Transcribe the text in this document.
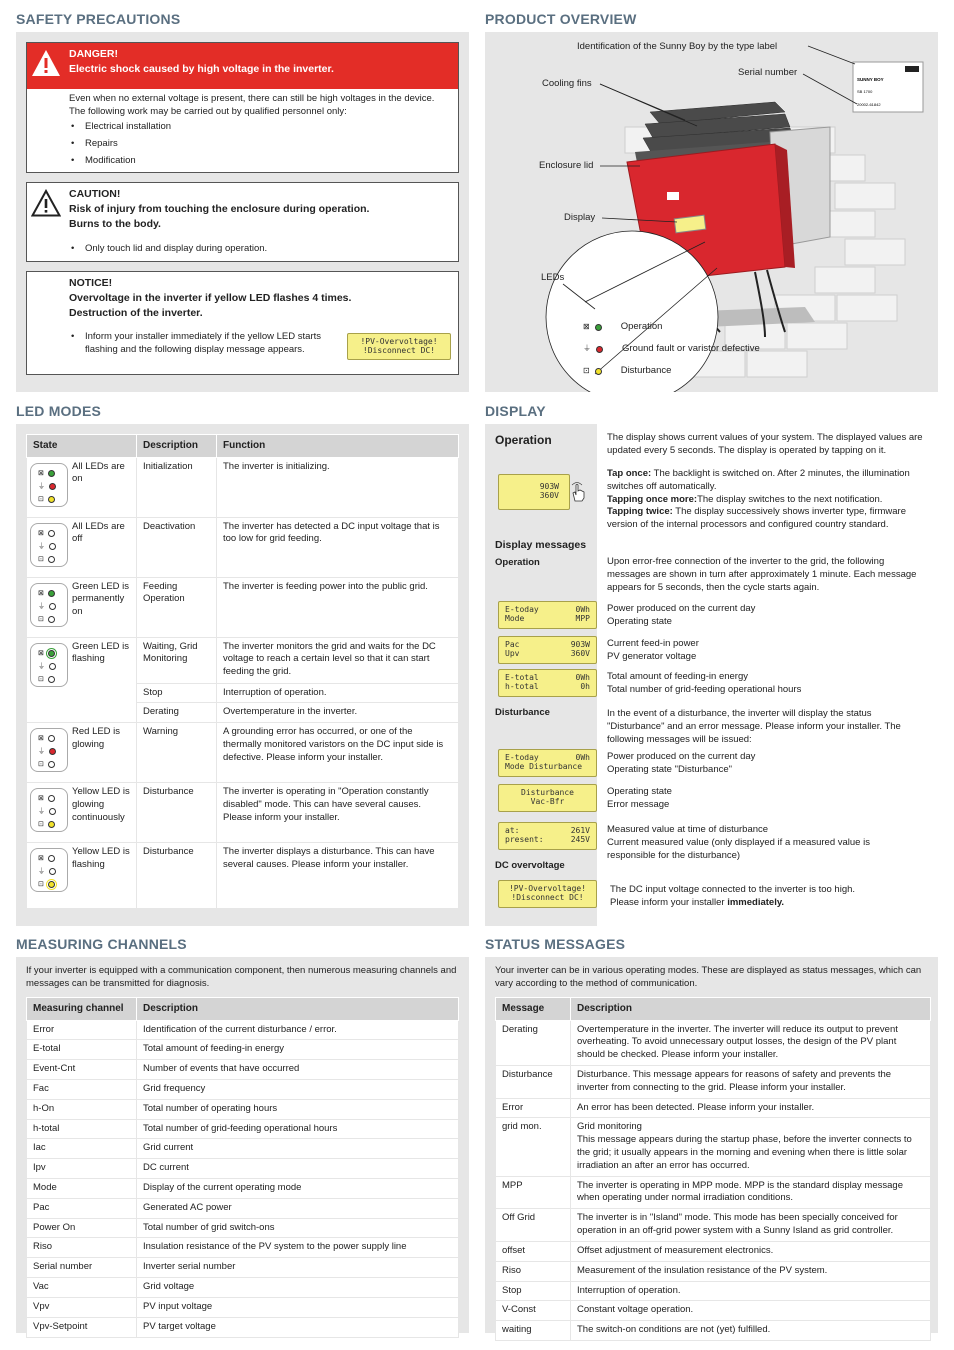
SAFETY PRECAUTIONS
DANGER!
Electric shock caused by high voltage in the inverter.
Even when no external voltage is present, there can still be high voltages in the device. The following work may be carried out by qualified personnel only:
• Electrical installation
• Repairs
• Modification
CAUTION!
Risk of injury from touching the enclosure during operation.
Burns to the body.
• Only touch lid and display during operation.
NOTICE!
Overvoltage in the inverter if yellow LED flashes 4 times.
Destruction of the inverter.
• Inform your installer immediately if the yellow LED starts flashing and the following display message appears.
!PV-Overvoltage!
!Disconnect DC!
PRODUCT OVERVIEW
SUNNY BOY
SB 1700
20002-61842
Identification of the Sunny Boy by the type label
Serial number
Cooling fins
Enclosure lid
Display
LEDs
⊠	Operation
⏚	Ground fault or varistor defective
⊡	Disturbance
LED MODES
State	Description	Function

⊠
⏚
⊡
All LEDs are on	Initialization	The inverter is initializing.

⊠
⏚
⊡
All LEDs are off	Deactivation	The inverter has detected a DC input voltage that is too low for grid feeding.

⊠
⏚
⊡
Green LED is permanently on	Feeding Operation	The inverter is feeding power into the public grid.

⊠
⏚
⊡
Green LED is flashing	Waiting, Grid Monitoring	The inverter monitors the grid and waits for the DC voltage to reach a certain level so that it can start feeding the grid.
	Stop	Interruption of operation.
	Derating	Overtemperature in the inverter.

⊠
⏚
⊡
Red LED is glowing	Warning	A grounding error has occurred, or one of the thermally monitored varistors on the DC input side is defective. Please inform your installer.

⊠
⏚
⊡
Yellow LED is glowing continuously	Disturbance	The inverter is operating in "Operation constantly disabled" mode. This can have several causes. Please inform your installer.

⊠
⏚
⊡
Yellow LED is flashing	Disturbance	The inverter displays a disturbance. This can have several causes. Please inform your installer.
DISPLAY
Operation	The display shows current values of your system. The displayed values are updated every 5 seconds. The display is operated by tapping on it.
903W
360V
Tap once: The backlight is switched on. After 2 minutes, the illumination switches off automatically.
Tapping once more:The display switches to the next notification.
Tapping twice: The display successively shows inverter type, firmware version of the internal processors and configured country standard.
Display messages
Operation	Upon error-free connection of the inverter to the grid, the following messages are shown in turn after approximately 1 minute. Each message appears for 5 seconds, then the cycle starts again.
E-today	0Wh
Mode	MPP
Power produced on the current day
Operating state
Pac	903W
Upv	360V
Current feed-in power
PV generator voltage
E-total	0Wh
h-total	0h
Total amount of feeding-in energy
Total number of grid-feeding operational hours
Disturbance	In the event of a disturbance, the inverter will display the status "Disturbance" and an error message. Please inform your installer. The following messages will be issued:
E-today	0Wh
Mode Disturbance
Power produced on the current day
Operating state "Disturbance"
Disturbance
Vac-Bfr
Operating state
Error message
at:	261V
present:	245V
Measured value at time of disturbance
Current measured value (only displayed if a measured value is responsible for the disturbance)
DC overvoltage
!PV-Overvoltage!
!Disconnect DC!
The DC input voltage connected to the inverter is too high.
Please inform your installer immediately.
MEASURING CHANNELS
If your inverter is equipped with a communication component, then numerous measuring channels and messages can be transmitted for diagnosis.
Measuring channel	Description
Error	Identification of the current disturbance / error.
E-total	Total amount of feeding-in energy
Event-Cnt	Number of events that have occurred
Fac	Grid frequency
h-On	Total number of operating hours
h-total	Total number of grid-feeding operational hours
Iac	Grid current
Ipv	DC current
Mode	Display of the current operating mode
Pac	Generated AC power
Power On	Total number of grid switch-ons
Riso	Insulation resistance of the PV system to the power supply line
Serial number	Inverter serial number
Vac	Grid voltage
Vpv	PV input voltage
Vpv-Setpoint	PV target voltage
STATUS MESSAGES
Your inverter can be in various operating modes. These are displayed as status messages, which can vary according to the method of communication.
Message	Description
Derating	Overtemperature in the inverter. The inverter will reduce its output to prevent overheating. To avoid unnecessary output losses, the design of the PV plant should be checked. Please inform your installer.
Disturbance	Disturbance. This message appears for reasons of safety and prevents the inverter from connecting to the grid. Please inform your installer.
Error	An error has been detected. Please inform your installer.
grid mon.	Grid monitoring
This message appears during the startup phase, before the inverter connects to the grid; it usually appears in the morning and evening when there is little solar irradiation an after an error has occurred.
MPP	The inverter is operating in MPP mode. MPP is the standard display message when operating under normal irradiation conditions.
Off Grid	The inverter is in "Island" mode. This mode has been specially conceived for operation in an off-grid power system with a Sunny Island as grid controller.
offset	Offset adjustment of measurement electronics.
Riso	Measurement of the insulation resistance of the PV system.
Stop	Interruption of operation.
V-Const	Constant voltage operation.
waiting	The switch-on conditions are not (yet) fulfilled.
